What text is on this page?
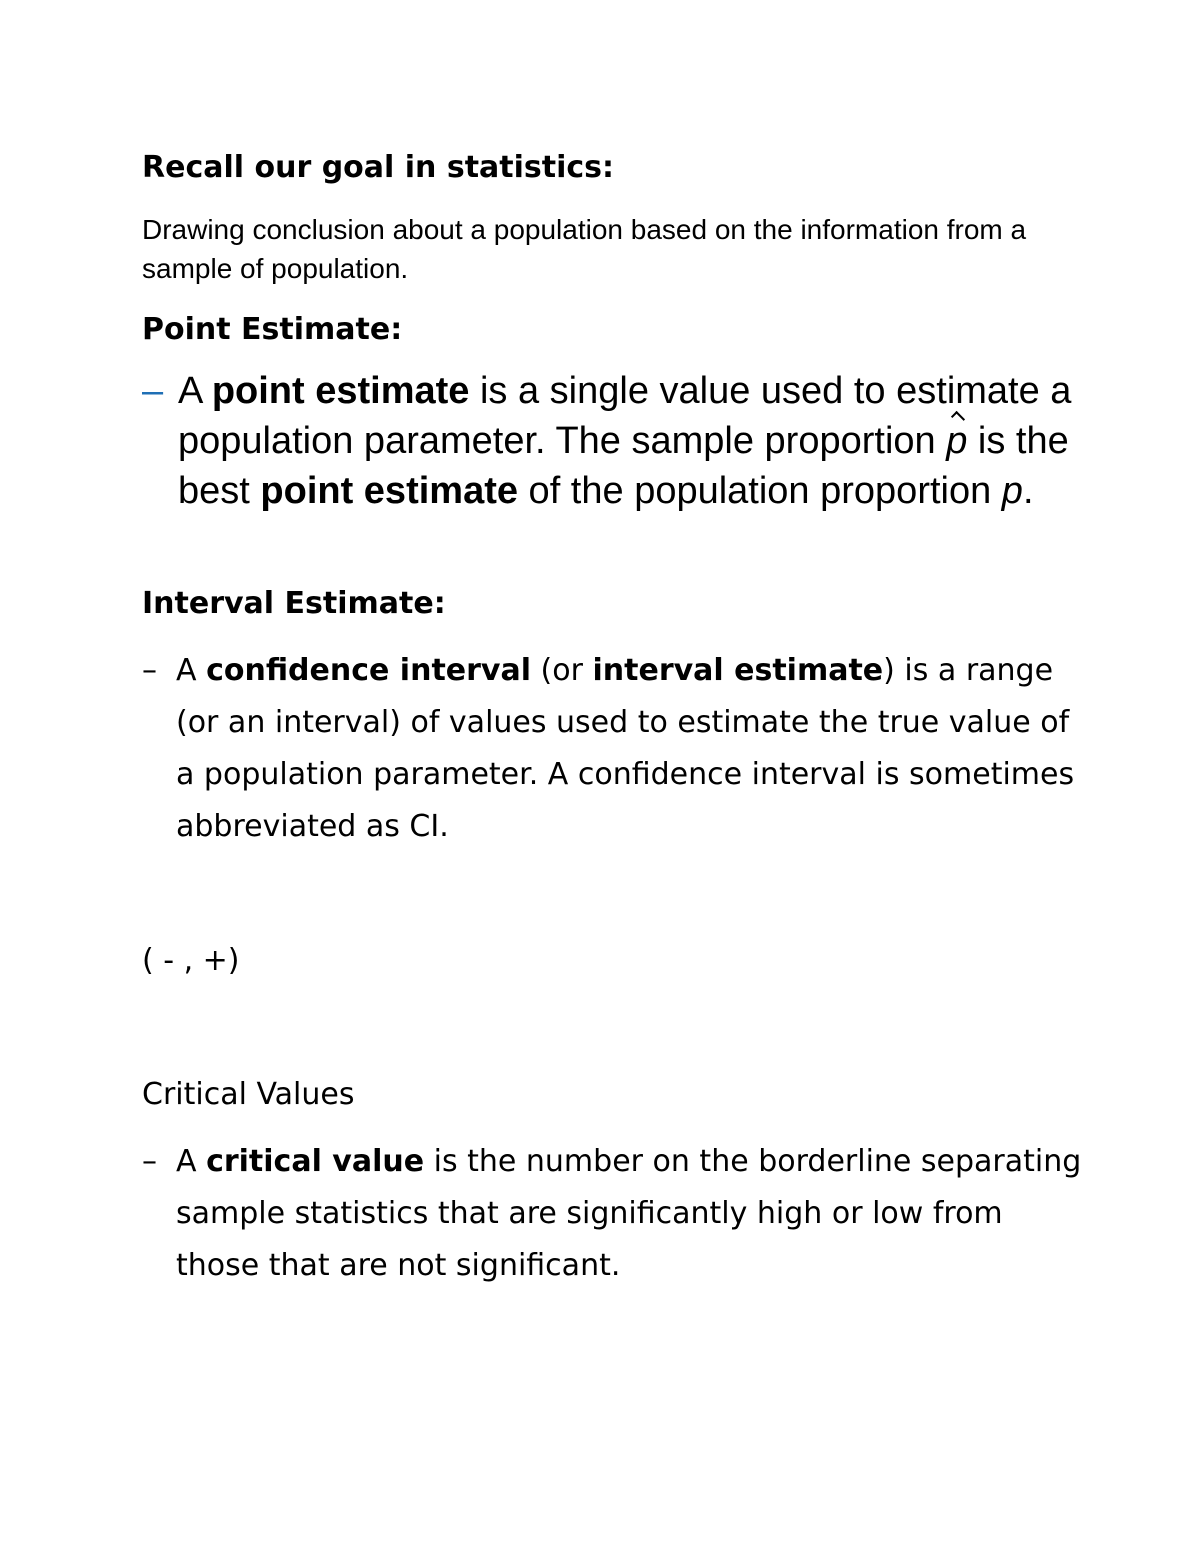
Recall our goal in statistics:

Drawing conclusion about a population based on the information from a sample of population.

Point Estimate:
– A point estimate is a single value used to estimate a population parameter. The sample proportion p is the best point estimate of the population proportion p.

Interval Estimate:
– A confidence interval (or interval estimate) is a range (or an interval) of values used to estimate the true value of a population parameter. A confidence interval is sometimes abbreviated as CI.

( - , +)

Critical Values
– A critical value is the number on the borderline separating sample statistics that are significantly high or low from those that are not significant.
